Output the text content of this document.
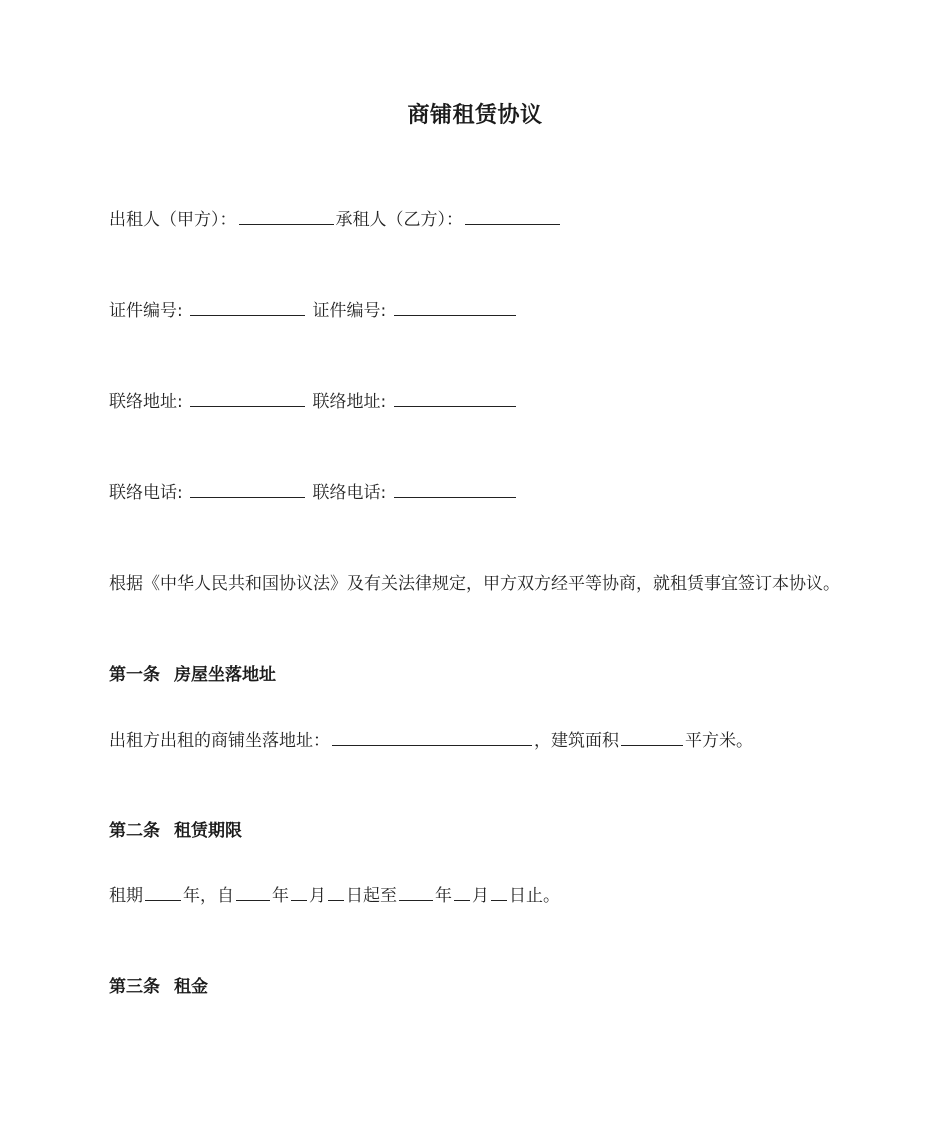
商铺租赁协议
出租人（甲方）：	承租人（乙方）：
证件编号:	证件编号:
联络地址:	联络地址:
联络电话:	联络电话:
根据《中华人民共和国协议法》及有关法律规定，甲方双方经平等协商，就租赁事宜签订本协议。
第一条 房屋坐落地址
出租方出租的商铺坐落地址：	，建筑面积	平方米。
第二条 租赁期限
租期 年，自 年 月 日起至 年 月 日止。
第三条 租金
